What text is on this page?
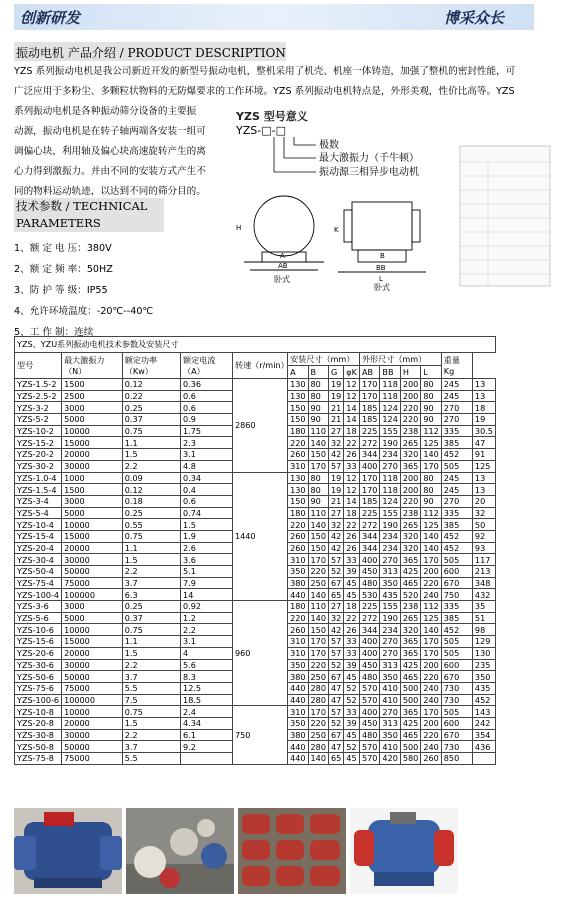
创新研发	博采众长
振动电机 产品介绍 / PRODUCT DESCRIPTION
YZS 系列振动电机是我公司新近开发的新型号振动电机，整机采用了机壳、机座一体铸造，加强了整机的密封性能，可
广泛应用于多粉尘、多颗粒状物料的无防爆要求的工作环境。YZS 系列振动电机特点是，外形美观，性价比高等。YZS
系列振动电机是各种振动筛分设备的主要振
动源，振动电机是在转子轴两端各安装一组可
调偏心块，利用轴及偏心块高速旋转产生的离
心力得到激振力。并由不同的安装方式产生不
同的物料运动轨迹，以达到不同的筛分目的。
技术参数 / TECHNICAL
PARAMETERS
1、额 定 电 压：380V
2、额 定 频 率：50HZ
3、防 护 等 级：IP55
4、允许环境温度：-20℃--40℃
5、工 作 制：连续
YZS 型号意义
YZS-□-□
极数
最大激振力（千牛顿）
振动源三相异步电动机
AB	BB
H
L
A	B
K
卧式
卧式
YZS、YZU系列振动电机技术参数及安装尺寸														
型号	最大激振力（N）	额定功率（Kw）	额定电流（A）	转速（r/min）	安装尺寸（mm）				外形尺寸（mm）				重量 Kg	
					A	B	G	φK	AB	BB	H	L		
YZS-1.5-2	1500	0.12	0.36	2860	130	80	19	12	170	118	200	80	245	13
YZS-2.5-2	2500	0.22	0.6		130	80	19	12	170	118	200	80	245	13
YZS-3-2	3000	0.25	0.6		150	90	21	14	185	124	220	90	270	18
YZS-5-2	5000	0.37	0.9		150	90	21	14	185	124	220	90	270	19
YZS-10-2	10000	0.75	1.75		180	110	27	18	225	155	238	112	335	30.5
YZS-15-2	15000	1.1	2.3		220	140	32	22	272	190	265	125	385	47
YZS-20-2	20000	1.5	3.1		260	150	42	26	344	234	320	140	452	91
YZS-30-2	30000	2.2	4.8		310	170	57	33	400	270	365	170	505	125
YZS-1.0-4	1000	0.09	0.34	1440	130	80	19	12	170	118	200	80	245	13
YZS-1.5-4	1500	0.12	0.4		130	80	19	12	170	118	200	80	245	13
YZS-3-4	3000	0.18	0.6		150	90	21	14	185	124	220	90	270	20
YZS-5-4	5000	0.25	0.74		180	110	27	18	225	155	238	112	335	32
YZS-10-4	10000	0.55	1.5		220	140	32	22	272	190	265	125	385	50
YZS-15-4	15000	0.75	1.9		260	150	42	26	344	234	320	140	452	92
YZS-20-4	20000	1.1	2.6		260	150	42	26	344	234	320	140	452	93
YZS-30-4	30000	1.5	3.6		310	170	57	33	400	270	365	170	505	117
YZS-50-4	50000	2.2	5.1		350	220	52	39	450	313	425	200	600	213
YZS-75-4	75000	3.7	7.9		380	250	67	45	480	350	465	220	670	348
YZS-100-4	100000	6.3	14		440	140	65	45	530	435	520	240	750	432
YZS-3-6	3000	0.25	0.92	960	180	110	27	18	225	155	238	112	335	35
YZS-5-6	5000	0.37	1.2		220	140	32	22	272	190	265	125	385	51
YZS-10-6	10000	0.75	2.2		260	150	42	26	344	234	320	140	452	98
YZS-15-6	15000	1.1	3.1		310	170	57	33	400	270	365	170	505	129
YZS-20-6	20000	1.5	4		310	170	57	33	400	270	365	170	505	130
YZS-30-6	30000	2.2	5.6		350	220	52	39	450	313	425	200	600	235
YZS-50-6	50000	3.7	8.3		380	250	67	45	480	350	465	220	670	350
YZS-75-6	75000	5.5	12.5		440	280	47	52	570	410	500	240	730	435
YZS-100-6	100000	7.5	18.5		440	280	47	52	570	410	500	240	730	452
YZS-10-8	10000	0.75	2.4	750	310	170	57	33	400	270	365	170	505	143
YZS-20-8	20000	1.5	4.34		350	220	52	39	450	313	425	200	600	242
YZS-30-8	30000	2.2	6.1		380	250	67	45	480	350	465	220	670	354
YZS-50-8	50000	3.7	9.2		440	280	47	52	570	410	500	240	730	436
YZS-75-8	75000	5.5			440	140	65	45	570	420	580	260	850	
